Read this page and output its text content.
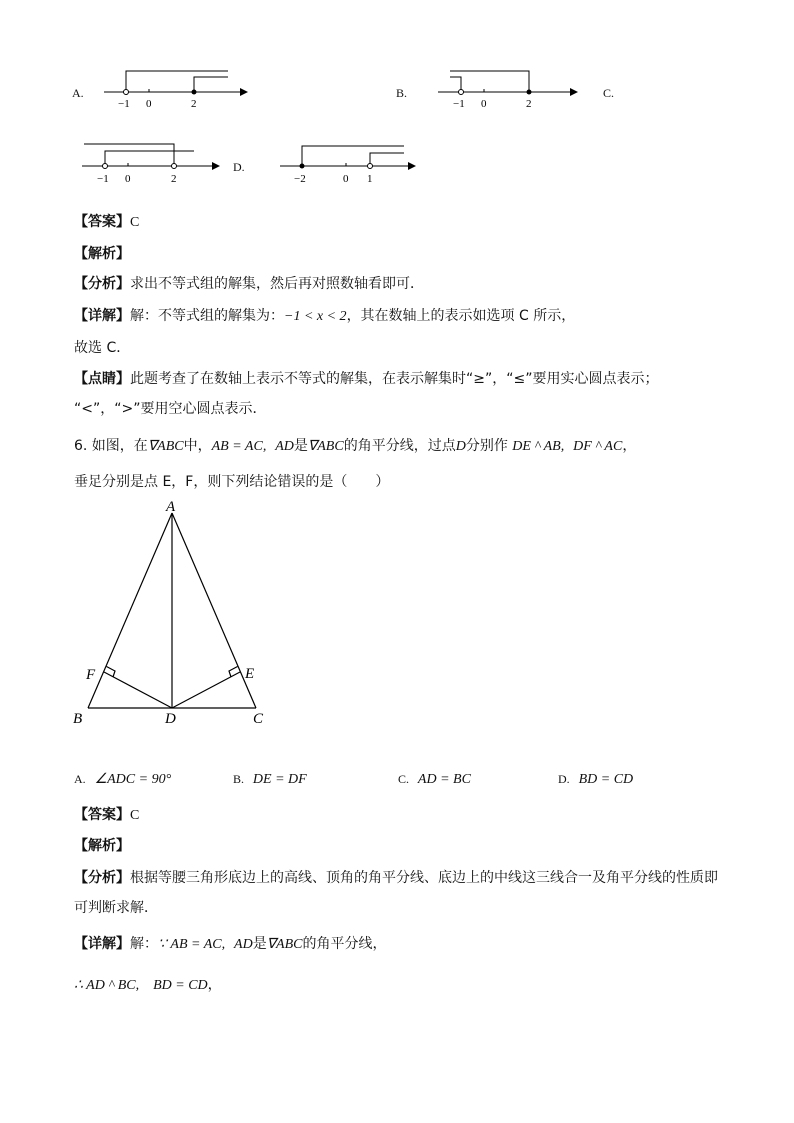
A.
−1 0	2
B.
−1 0	2
C.
−1 0	2
D.
−2	0 1
【答案】C
【解析】
【分析】求出不等式组的解集，然后再对照数轴看即可．
【详解】解：不等式组的解集为：−1 < x < 2，其在数轴上的表示如选项 C 所示，
故选 C．
【点睛】此题考查了在数轴上表示不等式的解集，在表示解集时“≥”，“≤”要用实心圆点表示；
“<”，“>”要用空心圆点表示．
6. 如图，在∇ABC中，AB = AC, AD是∇ABC的角平分线，过点D分别作 DE ^ AB, DF ^ AC，
垂足分别是点 E，F，则下列结论错误的是（　　）
A
F	E
B	D	C
A. ∠ADC = 90°	B. DE = DF	C. AD = BC	D. BD = CD
【答案】C
【解析】
【分析】根据等腰三角形底边上的高线、顶角的角平分线、底边上的中线这三线合一及角平分线的性质即
可判断求解．
【详解】解：∵ AB = AC, AD是∇ABC的角平分线，
∴ AD ^ BC,　BD = CD，
